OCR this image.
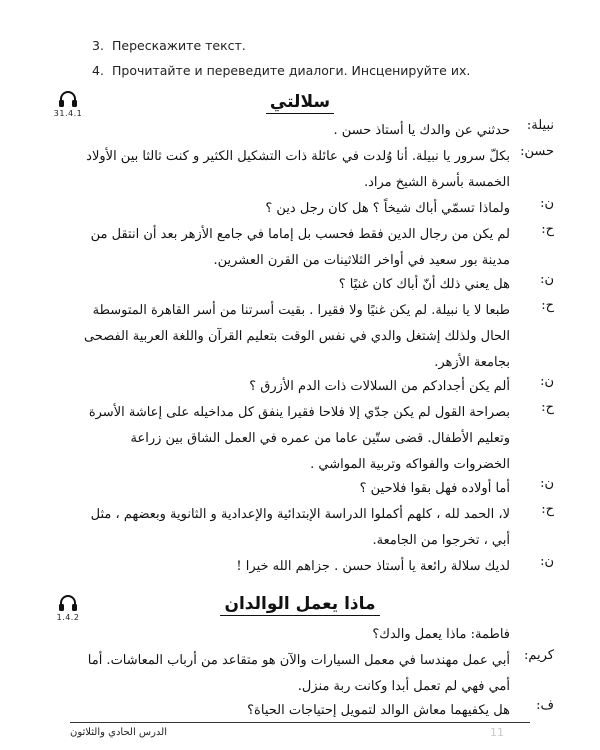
3. Перескажите текст.
4. Прочитайте и переведите диалоги. Инсценируйте их.
31.4.1
سلالتي
نبيلة:
حدثني عن والدك يا أستاذ حسن .
حسن:
بكلّ سرور يا نبيلة. أنا وُلدت في عائلة ذات التشكيل الكثير و كنت ثالثا بين الأولاد الخمسة بأسرة الشيخ مراد.
ن:
ولماذا تسمّي أباك شيخاً ؟ هل كان رجل دين ؟
ح:
لم يكن من رجال الدين فقط فحسب بل إماما في جامع الأزهر بعد أن انتقل من مدينة بور سعيد في أواخر الثلاثينات من القرن العشرين.
ن:
هل يعني ذلك أنّ أباك كان غنيًا ؟
ح:
طبعا لا يا نبيلة. لم يكن غنيًا ولا فقيرا . بقيت أسرتنا من أسر القاهرة المتوسطة الحال ولذلك إشتغل والدي في نفس الوقت بتعليم القرآن واللغة العربية الفصحى بجامعة الأزهر.
ن:
ألم يكن أجدادكم من السلالات ذات الدم الأزرق ؟
ح:
بصراحة القول لم يكن جدّي إلا فلاحا فقيرا ينفق كل مداخيله على إعاشة الأسرة وتعليم الأطفال. قضى ستّين عاما من عمره في العمل الشاق بين زراعة الخضروات والفواكه وتربية المواشي .
ن:
أما أولاده فهل بقوا فلاحين ؟
ح:
لا، الحمد لله ، كلهم أكملوا الدراسة الإبتدائية والإعدادية و الثانوية وبعضهم ، مثل أبي ، تخرجوا من الجامعة.
ن:
لديك سلالة رائعة يا أستاذ حسن . جزاهم الله خيرا !
1.4.2
ماذا يعمل الوالدان
فاطمة: ماذا يعمل والدك؟
كريم:
أبي عمل مهندسا في معمل السيارات والآن هو متقاعد من أرباب المعاشات. أما أمي فهي لم تعمل أبدا وكانت ربة منزل.
ف:
هل يكفيهما معاش الوالد لتمويل إحتياجات الحياة؟
الدرس الحادي والثلاثون	11
